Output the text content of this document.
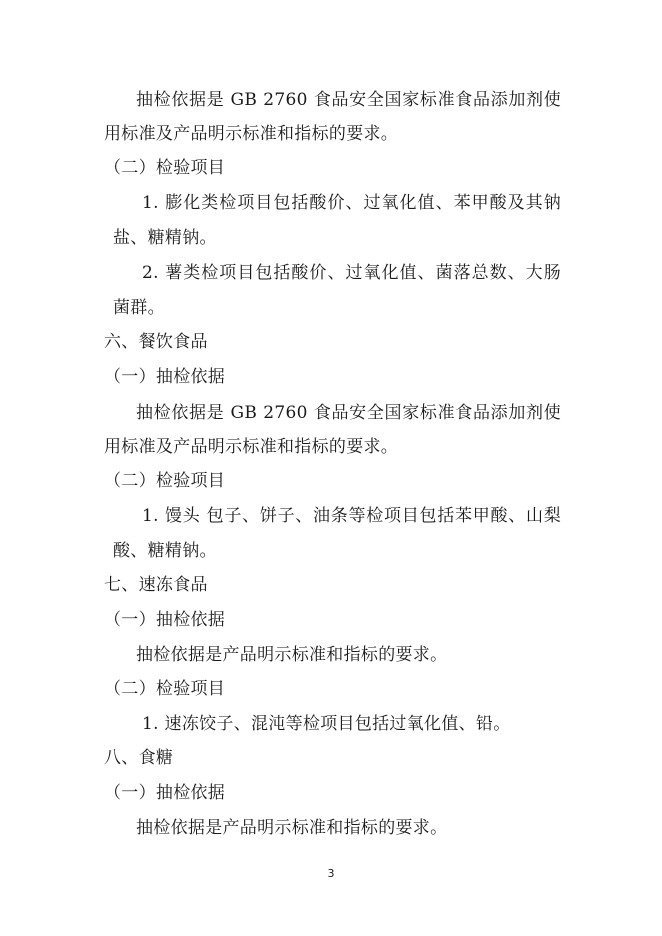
抽检依据是 GB 2760 食品安全国家标准食品添加剂使
用标准及产品明示标准和指标的要求。
（二）检验项目
1. 膨化类检项目包括酸价、过氧化值、苯甲酸及其钠
盐、糖精钠。
2. 薯类检项目包括酸价、过氧化值、菌落总数、大肠
菌群。
六、餐饮食品
（一）抽检依据
抽检依据是 GB 2760 食品安全国家标准食品添加剂使
用标准及产品明示标准和指标的要求。
（二）检验项目
1. 馒头 包子、饼子、油条等检项目包括苯甲酸、山梨
酸、糖精钠。
七、速冻食品
（一）抽检依据
抽检依据是产品明示标准和指标的要求。
（二）检验项目
1. 速冻饺子、混沌等检项目包括过氧化值、铅。
八、食糖
（一）抽检依据
抽检依据是产品明示标准和指标的要求。
3
